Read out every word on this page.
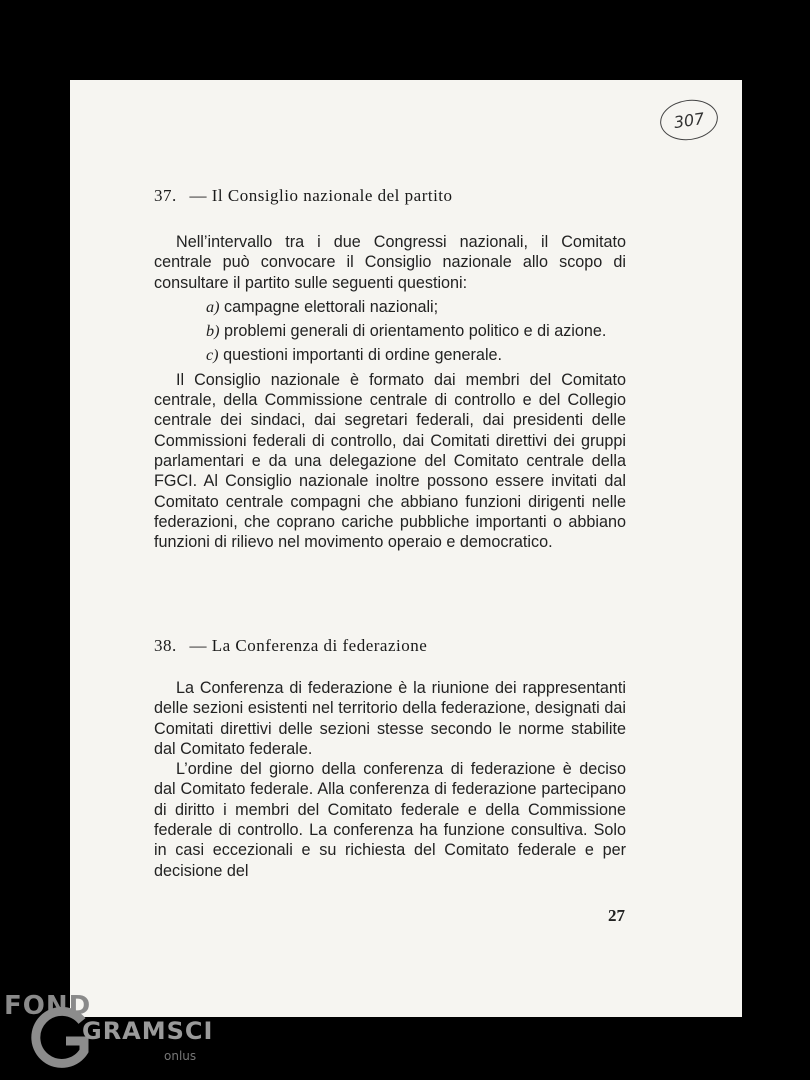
307
37. — Il Consiglio nazionale del partito

Nell’intervallo tra i due Congressi nazionali, il Comitato centrale può convocare il Consiglio nazionale allo scopo di consultare il partito sulle seguenti questioni:

a) campagne elettorali nazionali;

b) problemi generali di orientamento politico e di azione.

c) questioni importanti di ordine generale.

Il Consiglio nazionale è formato dai membri del Comitato centrale, della Commissione centrale di controllo e del Collegio centrale dei sindaci, dai segretari federali, dai presidenti delle Commissioni federali di controllo, dai Comitati direttivi dei gruppi parlamentari e da una delegazione del Comitato centrale della FGCI. Al Consiglio nazionale inoltre possono essere invitati dal Comitato centrale compagni che abbiano funzioni dirigenti nelle federazioni, che coprano cariche pubbliche importanti o abbiano funzioni di rilievo nel movimento operaio e democratico.

38. — La Conferenza di federazione

La Conferenza di federazione è la riunione dei rappresentanti delle sezioni esistenti nel territorio della federazione, designati dai Comitati direttivi delle sezioni stesse secondo le norme stabilite dal Comitato federale.

L’ordine del giorno della conferenza di federazione è deciso dal Comitato federale. Alla conferenza di federazione partecipano di diritto i membri del Comitato federale e della Commissione federale di controllo. La conferenza ha funzione consultiva. Solo in casi eccezionali e su richiesta del Comitato federale e per decisione del

27
FOND
GRAMSCI
onlus
